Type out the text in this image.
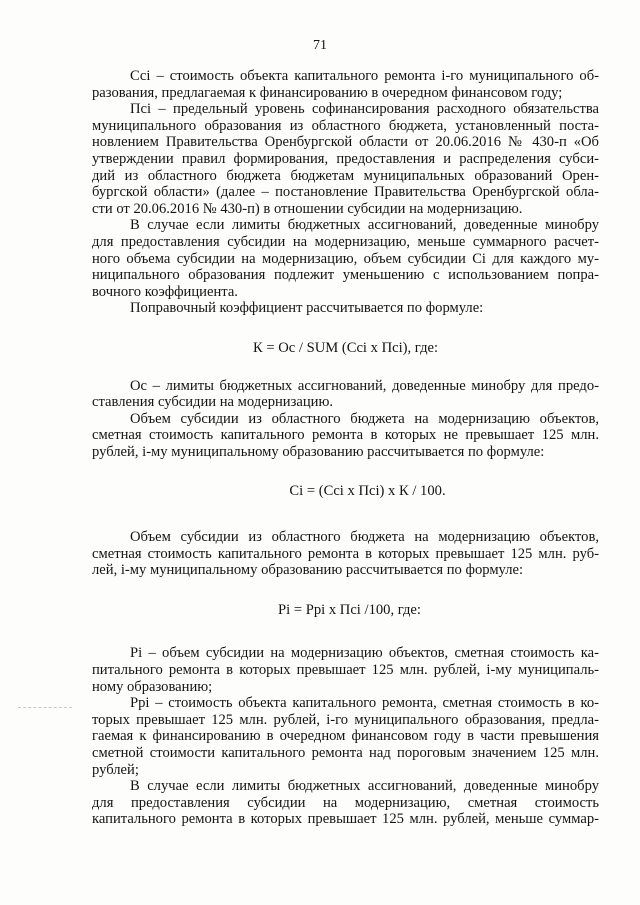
71
Ссi – стоимость объекта капитального ремонта i-го муниципального об-
разования, предлагаемая к финансированию в очередном финансовом году;
Пci – предельный уровень софинансирования расходного обязательства
муниципального образования из областного бюджета, установленный поста-
новлением Правительства Оренбургской области от 20.06.2016 № 430-п «Об
утверждении правил формирования, предоставления и распределения субси-
дий из областного бюджета бюджетам муниципальных образований Орен-
бургской области» (далее – постановление Правительства Оренбургской обла-
сти от 20.06.2016 № 430-п) в отношении субсидии на модернизацию.
В случае если лимиты бюджетных ассигнований, доведенные минобру
для предоставления субсидии на модернизацию, меньше суммарного расчет-
ного объема субсидии на модернизацию, объем субсидии Ci для каждого му-
ниципального образования подлежит уменьшению с использованием попра-
вочного коэффициента.
Поправочный коэффициент рассчитывается по формуле:
К = Ос / SUM (Ccі х Пci), где:
Ос – лимиты бюджетных ассигнований, доведенные минобру для предо-
ставления субсидии на модернизацию.
Объем субсидии из областного бюджета на модернизацию объектов,
сметная стоимость капитального ремонта в которых не превышает 125 млн.
рублей, i-му муниципальному образованию рассчитывается по формуле:
Ci = (Cci х Пci) х К / 100.
Объем субсидии из областного бюджета на модернизацию объектов,
сметная стоимость капитального ремонта в которых превышает 125 млн. руб-
лей, i-му муниципальному образованию рассчитывается по формуле:
Pi = Ppi х Пci /100, где:
Pi – объем субсидии на модернизацию объектов, сметная стоимость ка-
питального ремонта в которых превышает 125 млн. рублей, i-му муниципаль-
ному образованию;
Ppi – стоимость объекта капитального ремонта, сметная стоимость в ко-
торых превышает 125 млн. рублей, i-го муниципального образования, предла-
гаемая к финансированию в очередном финансовом году в части превышения
сметной стоимости капитального ремонта над пороговым значением 125 млн.
рублей;
В случае если лимиты бюджетных ассигнований, доведенные минобру
для предоставления субсидии на модернизацию, сметная стоимость
капитального ремонта в которых превышает 125 млн. рублей, меньше суммар-
